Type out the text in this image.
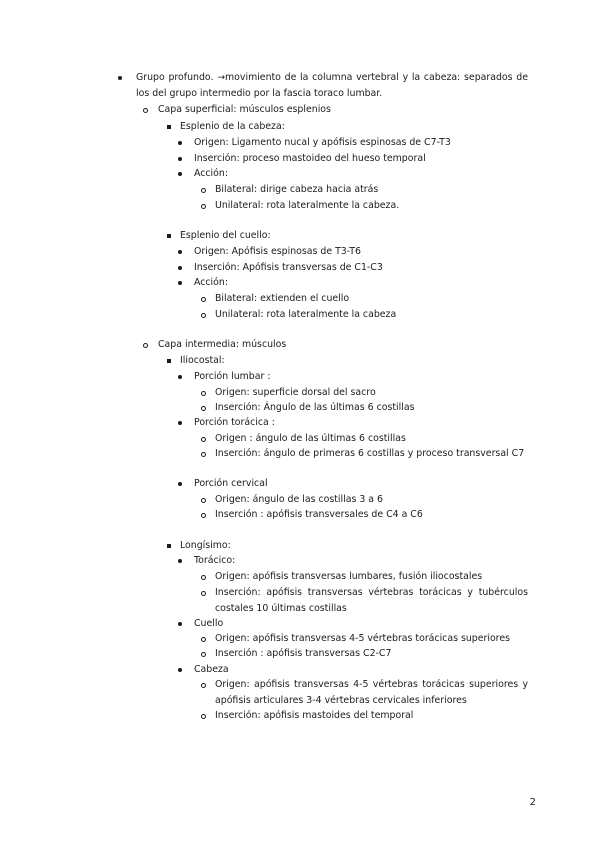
2
Grupo profundo. →movimiento de la columna vertebral y la cabeza: separados de
los del grupo intermedio por la fascia toraco lumbar.
Capa superficial: músculos esplenios
Esplenio de la cabeza:
Origen: Ligamento nucal y apófisis espinosas de C7-T3
Inserción: proceso mastoideo del hueso temporal
Acción:
Bilateral: dirige cabeza hacia atrás
Unilateral: rota lateralmente la cabeza.
Esplenio del cuello:
Origen: Apófisis espinosas de T3-T6
Inserción: Apófisis transversas de C1-C3
Acción:
Bilateral: extienden el cuello
Unilateral: rota lateralmente la cabeza
Capa intermedia: músculos
Iliocostal:
Porción lumbar :
Origen: superficie dorsal del sacro
Inserción: Ángulo de las últimas 6 costillas
Porción torácica :
Origen : ángulo de las últimas 6 costillas
Inserción: ángulo de primeras 6 costillas y proceso transversal C7
Porción cervical
Origen: ángulo de las costillas 3 a 6
Inserción : apófisis transversales de C4 a C6
Longísimo:
Torácico:
Origen: apófisis transversas lumbares, fusión iliocostales
Inserción: apófisis transversas vértebras torácicas y tubérculos
costales 10 últimas costillas
Cuello
Origen: apófisis transversas 4-5 vértebras torácicas superiores
Inserción : apófisis transversas C2-C7
Cabeza
Origen: apófisis transversas 4-5 vértebras torácicas superiores y
apófisis articulares 3-4 vértebras cervicales inferiores
Inserción: apófisis mastoides del temporal
